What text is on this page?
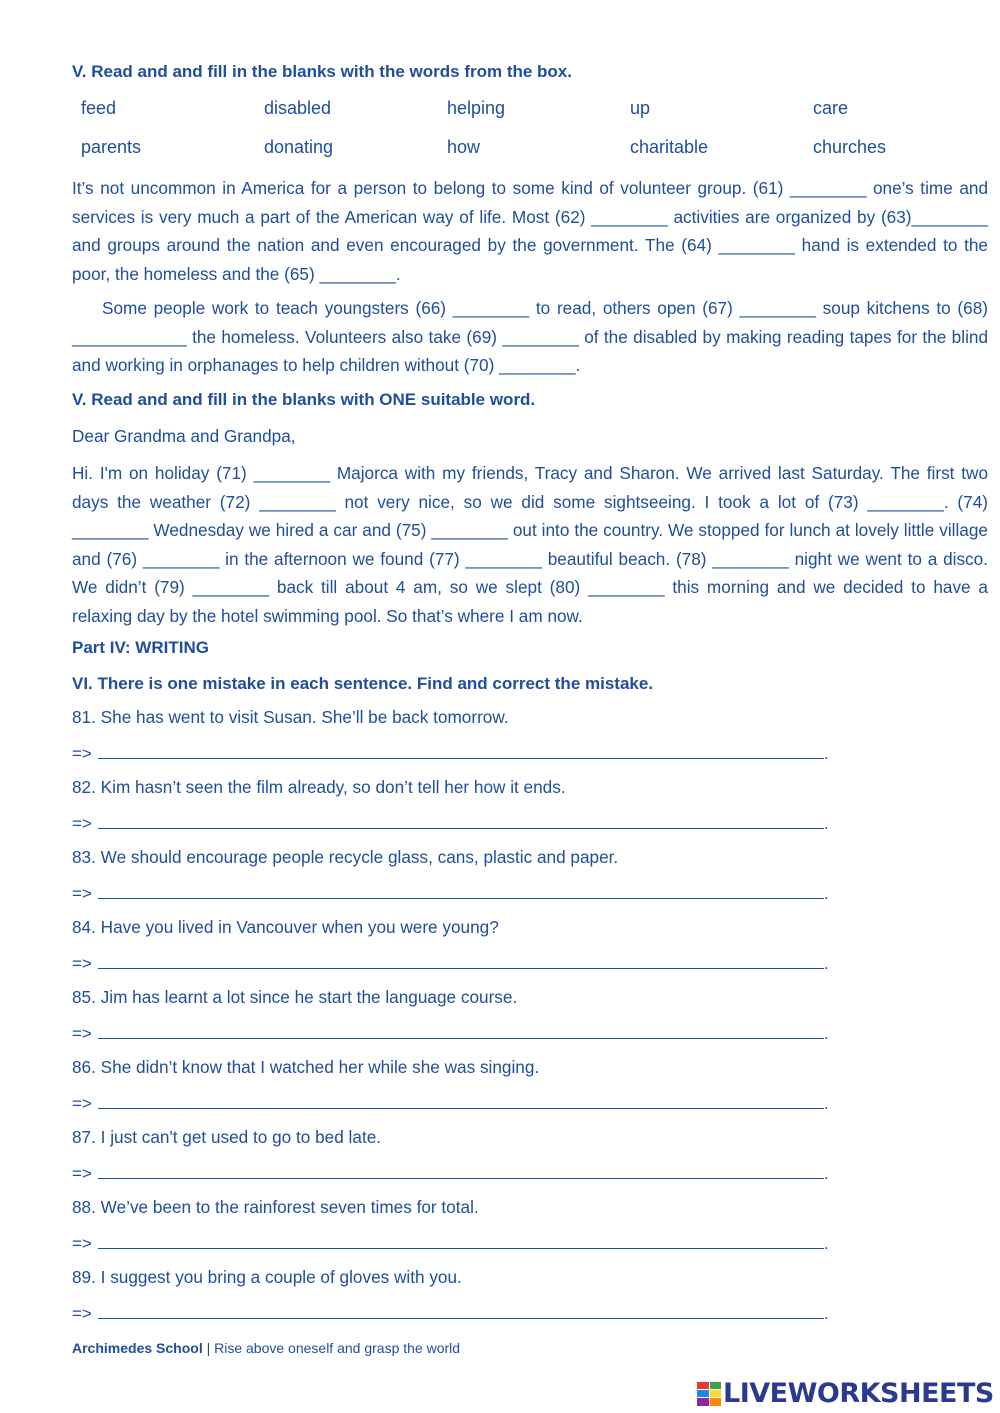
V. Read and and fill in the blanks with the words from the box.
feed	disabled	helping	up	care
parents	donating	how	charitable	churches
It’s not uncommon in America for a person to belong to some kind of volunteer group. (61) ________ one’s time and services is very much a part of the American way of life. Most (62) ________ activities are organized by (63)________ and groups around the nation and even encouraged by the government. The (64) ________ hand is extended to the poor, the homeless and the (65) ________.
Some people work to teach youngsters (66) ________ to read, others open (67) ________ soup kitchens to (68) ____________ the homeless. Volunteers also take (69) ________ of the disabled by making reading tapes for the blind and working in orphanages to help children without (70) ________.
V. Read and and fill in the blanks with ONE suitable word.
Dear Grandma and Grandpa,
Hi. I'm on holiday (71) ________ Majorca with my friends, Tracy and Sharon. We arrived last Saturday. The first two days the weather (72) ________ not very nice, so we did some sightseeing. I took a lot of (73) ________. (74) ________ Wednesday we hired a car and (75) ________ out into the country. We stopped for lunch at lovely little village and (76) ________ in the afternoon we found (77) ________ beautiful beach. (78) ________ night we went to a disco. We didn’t (79) ________ back till about 4 am, so we slept (80) ________ this morning and we decided to have a relaxing day by the hotel swimming pool. So that’s where I am now.
Part IV: WRITING
VI. There is one mistake in each sentence. Find and correct the mistake.
81. She has went to visit Susan. She’ll be back tomorrow.
=>	.
82. Kim hasn’t seen the film already, so don’t tell her how it ends.
=>	.
83. We should encourage people recycle glass, cans, plastic and paper.
=>	.
84. Have you lived in Vancouver when you were young?
=>	.
85. Jim has learnt a lot since he start the language course.
=>	.
86. She didn’t know that I watched her while she was singing.
=>	.
87. I just can't get used to go to bed late.
=>	.
88. We’ve been to the rainforest seven times for total.
=>	.
89. I suggest you bring a couple of gloves with you.
=>	.
Archimedes School | Rise above oneself and grasp the world
LIVEWORKSHEETS
